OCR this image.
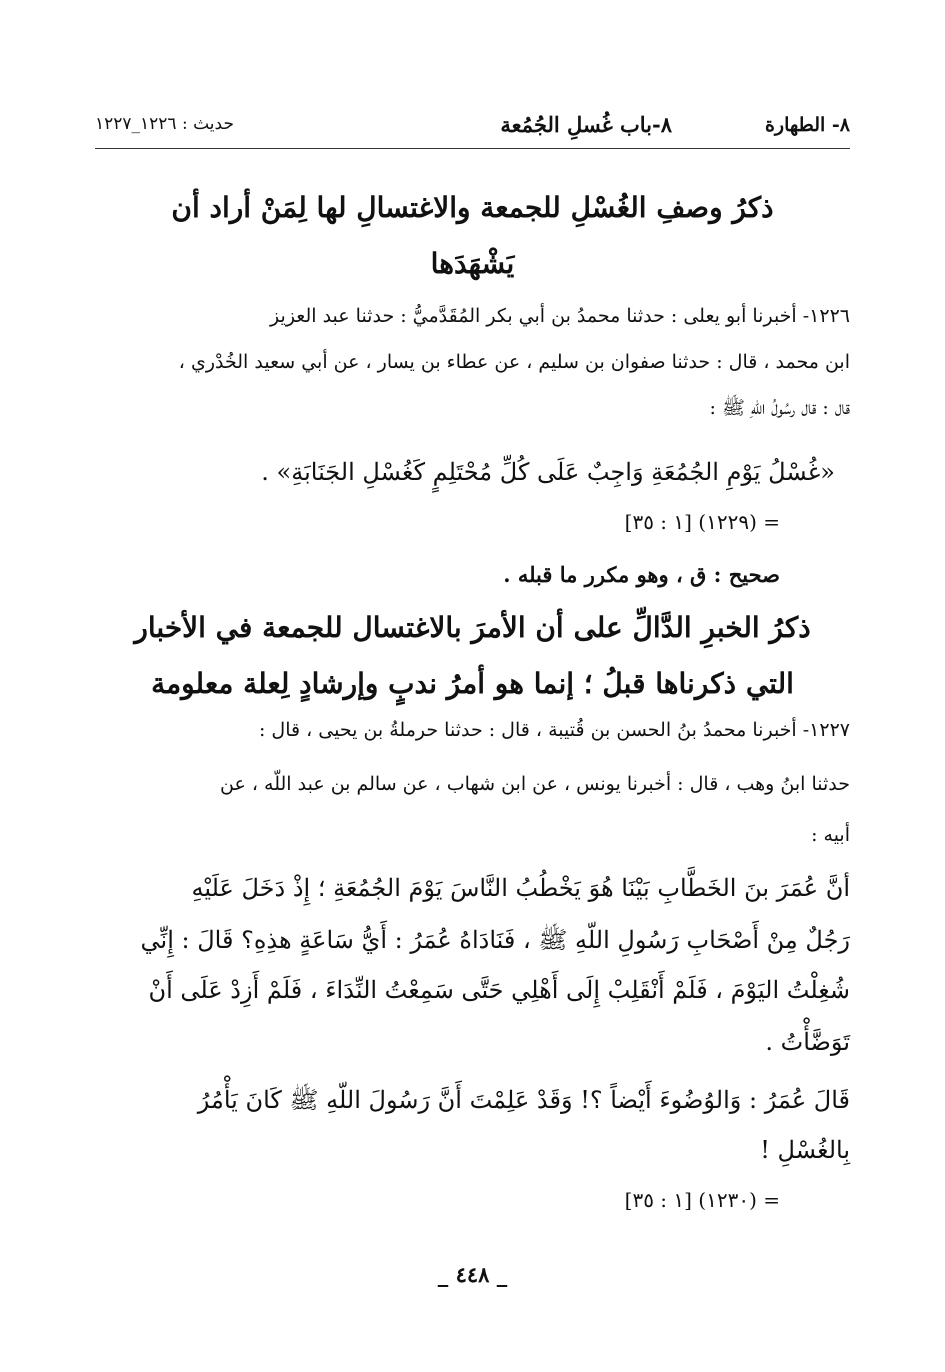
٨- الطهارة
٨-باب غُسلِ الجُمُعة
حديث : ١٢٢٦_١٢٢٧
ذكرُ وصفِ الغُسْلِ للجمعة والاغتسالِ لها لِمَنْ أراد أن
يَشْهَدَها
١٢٢٦- أخبرنا أبو يعلى : حدثنا محمدُ بن أبي بكر المُقَدَّميُّ : حدثنا عبد العزيز
ابن محمد ، قال : حدثنا صفوان بن سليم ، عن عطاء بن يسار ، عن أبي سعيد الخُدْري ،
قال : قال رسُولُ اللّهِ ﷺ :
«غُسْلُ يَوْمِ الجُمُعَةِ وَاجِبٌ عَلَى كُلِّ مُحْتَلِمٍ كَغُسْلِ الجَنَابَةِ» .
= (١٢٢٩) [١ : ٣٥]
صحيح : ق ، وهو مكرر ما قبله .
ذكرُ الخبرِ الدَّالِّ على أن الأمرَ بالاغتسال للجمعة في الأخبار
التي ذكرناها قبلُ ؛ إنما هو أمرُ ندبٍ وإرشادٍ لِعلة معلومة
١٢٢٧- أخبرنا محمدُ بنُ الحسن بن قُتيبة ، قال : حدثنا حرملةُ بن يحيى ، قال :
حدثنا ابنُ وهب ، قال : أخبرنا يونس ، عن ابن شهاب ، عن سالم بن عبد اللّه ، عن
أبيه :
أنَّ عُمَرَ بنَ الخَطَّابِ بَيْنَا هُوَ يَخْطُبُ النَّاسَ يَوْمَ الجُمُعَةِ ؛ إِذْ دَخَلَ عَلَيْهِ
رَجُلٌ مِنْ أَصْحَابِ رَسُولِ اللّهِ ﷺ ، فَنَادَاهُ عُمَرُ : أَيُّ سَاعَةٍ هذِهِ؟ قَالَ : إِنِّي
شُغِلْتُ اليَوْمَ ، فَلَمْ أَنْقَلِبْ إِلَى أَهْلِي حَتَّى سَمِعْتُ النِّدَاءَ ، فَلَمْ أَزِدْ عَلَى أَنْ
تَوَضَّأْتُ .
قَالَ عُمَرُ : وَالوُضُوءَ أَيْضاً ؟! وَقَدْ عَلِمْتَ أَنَّ رَسُولَ اللّهِ ﷺ كَانَ يَأْمُرُ
بِالغُسْلِ !
= (١٢٣٠) [١ : ٣٥]
_ ٤٤٨ _
